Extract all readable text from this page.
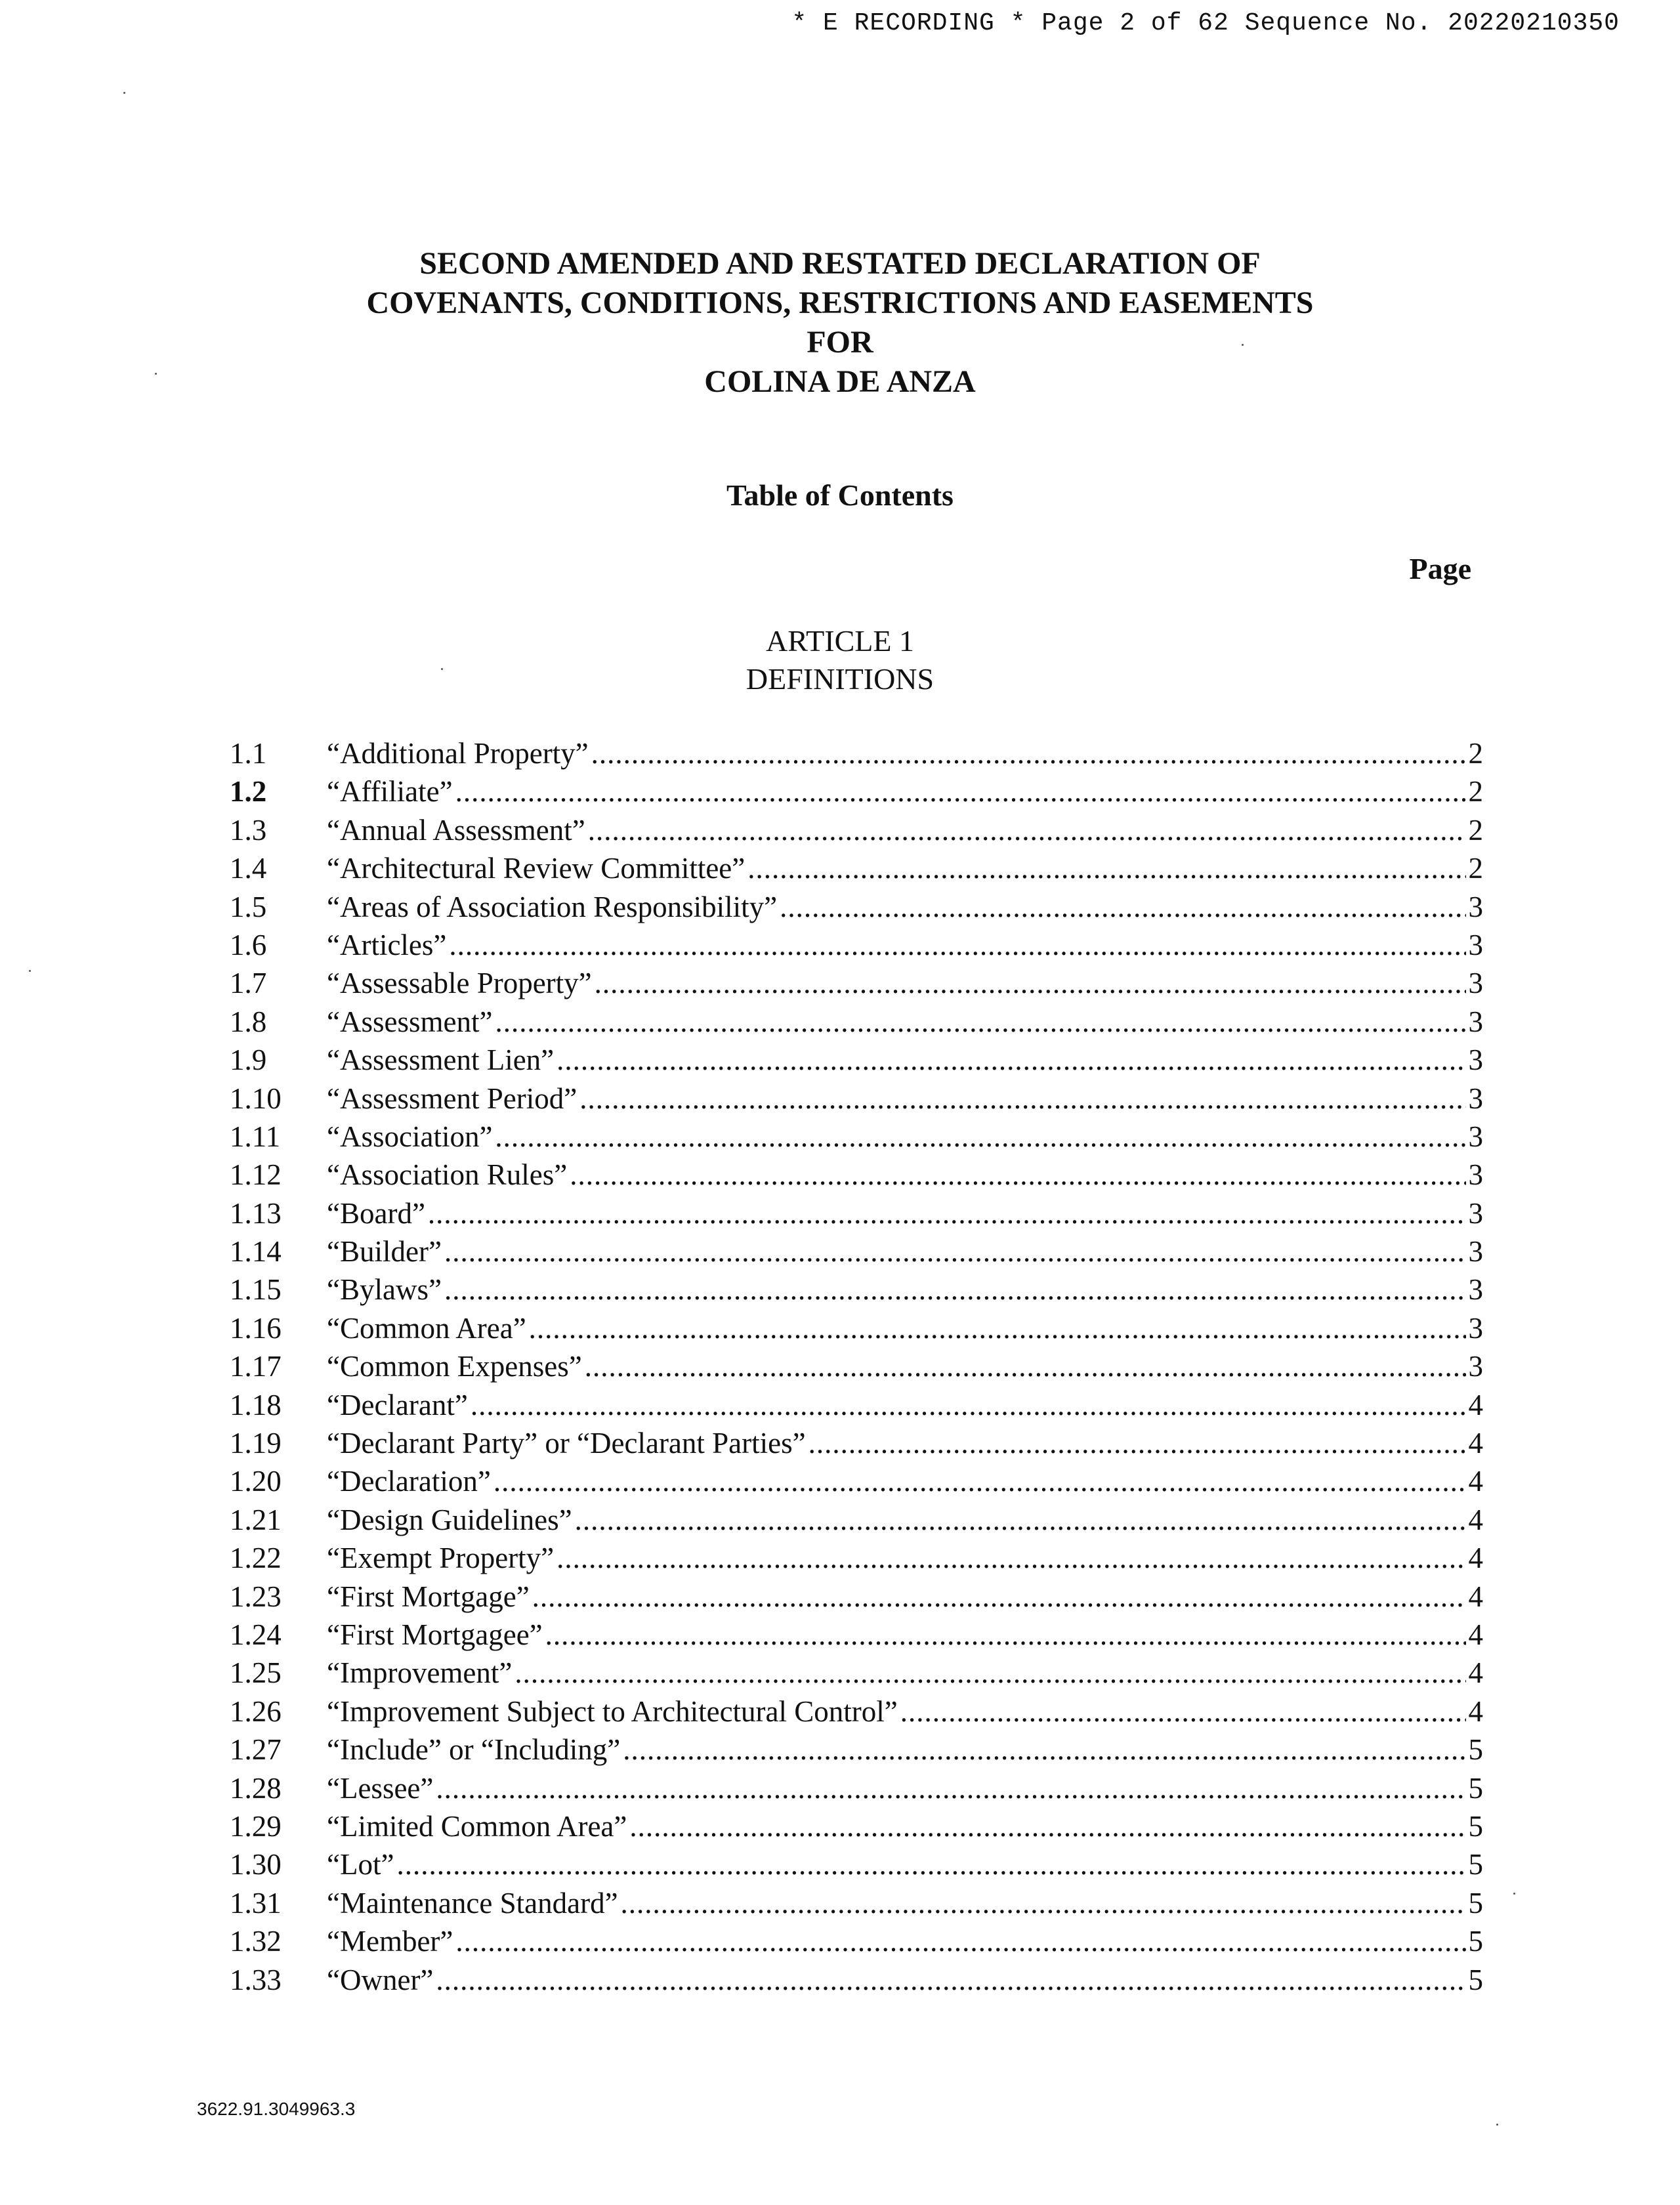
* E RECORDING * Page 2 of 62 Sequence No. 20220210350
SECOND AMENDED AND RESTATED DECLARATION OF
COVENANTS, CONDITIONS, RESTRICTIONS AND EASEMENTS
FOR
COLINA DE ANZA
Table of Contents
Page
ARTICLE 1
DEFINITIONS
1.1	“Additional Property” .....	2
1.2	“Affiliate” .....	2
1.3	“Annual Assessment” .....	2
1.4	“Architectural Review Committee” .....	2
1.5	“Areas of Association Responsibility” .....	3
1.6	“Articles” .....	3
1.7	“Assessable Property” .....	3
1.8	“Assessment” .....	3
1.9	“Assessment Lien” .....	3
1.10	“Assessment Period” .....	3
1.11	“Association” .....	3
1.12	“Association Rules” .....	3
1.13	“Board” .....	3
1.14	“Builder” .....	3
1.15	“Bylaws” .....	3
1.16	“Common Area” .....	3
1.17	“Common Expenses” .....	3
1.18	“Declarant” .....	4
1.19	“Declarant Party” or “Declarant Parties” .....	4
1.20	“Declaration” .....	4
1.21	“Design Guidelines” .....	4
1.22	“Exempt Property” .....	4
1.23	“First Mortgage” .....	4
1.24	“First Mortgagee” .....	4
1.25	“Improvement” .....	4
1.26	“Improvement Subject to Architectural Control” .....	4
1.27	“Include” or “Including” .....	5
1.28	“Lessee” .....	5
1.29	“Limited Common Area” .....	5
1.30	“Lot” .....	5
1.31	“Maintenance Standard” .....	5
1.32	“Member” .....	5
1.33	“Owner” .....	5
3622.91.3049963.3
